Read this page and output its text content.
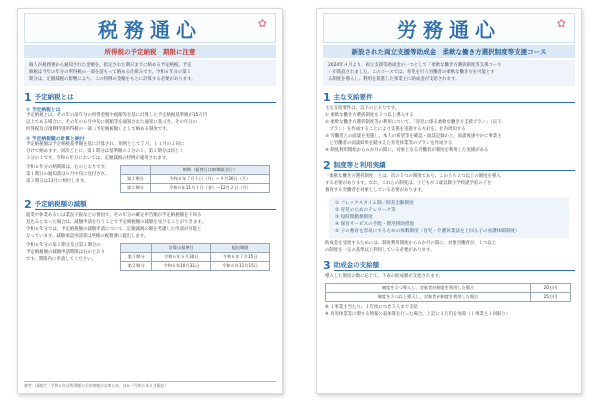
税務通心	✿
所得税の予定納税　期限に注意
個人が税務署から通知された金額を、指定された期日までに納める予定納税。予定
納税は今年の年分の所得税の一部を前もって納める仕組みです。令和６年分の第１
期分は、定額減税の影響により、この特例の金額をもとに計算する必要があります。
1 予定納税とは
① 予定納税とは
予定納税とは、その年の前年分の所得金額や税額等を基に計算した予定納税基準額が15万円
以上である場合に、その年の６月中旬に税額等を通知された通知に基づき、その年分の
所得税及び復興特別所得税の一部（予定納税額）として納める制度です。
② 予定納税額の計算と納付
予定納税額は予定納税基準額を基に計算され、原則として７月、１１月の２回に
分けて納めます。回次ごとに、第１期分は基準額の３分の１、第２期分は同じく
３分の１です。令和６年分においては、定額減税の特例が適用されます。
令和６年分の納期限は、右のとおりです。
第１期分の通知書は６月中旬に送付され、
第２期分は11月に納付します。
	納期（振替日は納期限翌日）
第１期分	令和６年７月１日（月）～９月30日（月）
第２期分	令和６年11月１日（金）～12月２日（月）
2 予定納税額の減額
廃業や休業あるいは業況不振などの要因で、その年分の確定申告額が予定納税額を下回る
見込みとなった場合は、減額申請を行うことで予定納税額の減額を受けることができます。
令和６年分では、予定納税額の減額申請について、定額減税の額を考慮した申請が可能と
なっています。減額承認申請書は所轄の税務署に提出します。
令和６年分の第１期分及び第２期分の
予定納税額の減額申請期限は右のとおり
です。期限内に申請してください。
	計算の基準日	提出期限
第１期分	令和６年６月30日	令和６年７月15日
第２期分	令和６年10月31日	令和６年11月15日
参考：国税庁「令和６年分所得税の予定納税のお知らせ」ほか（令和６年５月現在）
労務通心	✿
新設された両立支援等助成金　柔軟な働き方選択制度等支援コース
2024年４月より、両立支援等助成金の一つとして「柔軟な働き方選択制度等支援コース
」が新設されました。このコースでは、育児を行う労働者の柔軟な働き方を可能とす
る制度を導入し、利用を促進した事業主に助成金が支給されます。
1 主な支給要件
主な支給要件は、以下のとおりです。
① 柔軟な働き方選択制度を２つ以上導入する
② 柔軟な働き方選択制度等の利用について、「育児に係る柔軟な働き方支援プラン」（以下、
　プラン）を作成することにより支援を実施する方針を、社内周知する
③ 労働者との面談を実施し、本人の希望等を確認・面談記録の上、面談後速やかに事業主
　と労働者の面談結果を踏まえた育児休業等のプランを作成する
④ 制度利用開始から６か月の間に、対象となる労働者が制度を利用した実績がある
2 制度等と利用実績
「柔軟な働き方選択制度」とは、次の５つの制度であり、このうち２つ以上の制度を導入
する必要があります。なお、これらの制度は、子どもが３歳以降小学校就学前の子を
養育する労働者を対象としている必要があります。
① フレックスタイム制／時差出勤制度
② 育児のためのテレワーク等
③ 短時間勤務制度
④ 保育サービスの手配・費用援助措置
⑤ 子の養育を容易にするための休暇制度（育児・介護休業法を上回る子の看護休暇制度）
助成金を受給するためには、制度利用開始から６か月の間に、対象労働者が、１つ以上
の制度を一定の基準以上利用している必要があります。
3 助成金の支給額
導入した制度の数に応じて、下表の助成額が支給されます。
制度を２つ導入し、対象者が制度を利用した場合	20万円
制度を３つ以上導入し、対象者が制度を利用した場合	25万円
※ １事業主当たり、１年度につき５人まで支給
※ 育児休業等に関する情報公表加算を行った場合、上記に２万円を加算（１事業主１回限り）
